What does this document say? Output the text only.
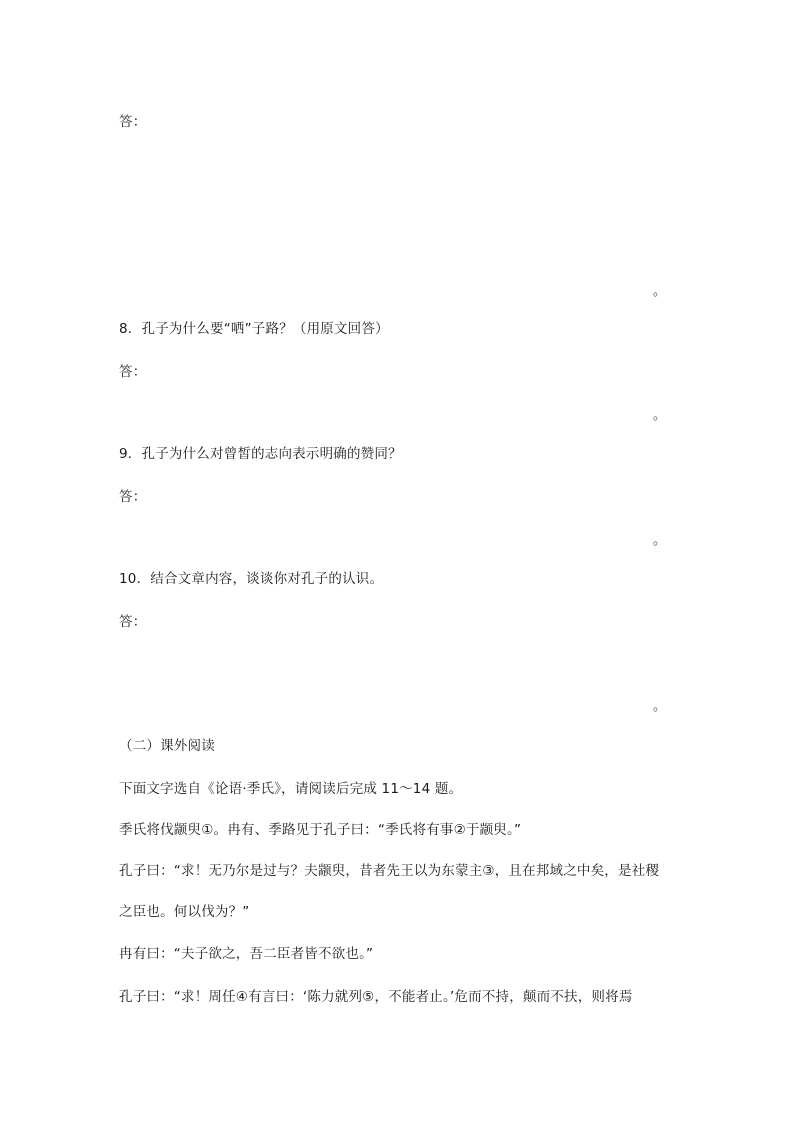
答：
。
8．孔子为什么要“哂”子路？（用原文回答）
答：
。
9．孔子为什么对曾皙的志向表示明确的赞同？
答：
。
10．结合文章内容，谈谈你对孔子的认识。
答：
。
（二）课外阅读
下面文字选自《论语·季氏》，请阅读后完成 11～14 题。
季氏将伐颛臾①。冉有、季路见于孔子曰：“季氏将有事②于颛臾。”
孔子曰：“求！无乃尔是过与？夫颛臾，昔者先王以为东蒙主③，且在邦域之中矣，是社稷
之臣也。何以伐为？”
冉有曰：“夫子欲之，吾二臣者皆不欲也。”
孔子曰：“求！周任④有言曰：‘陈力就列⑤，不能者止。’危而不持，颠而不扶，则将焉
